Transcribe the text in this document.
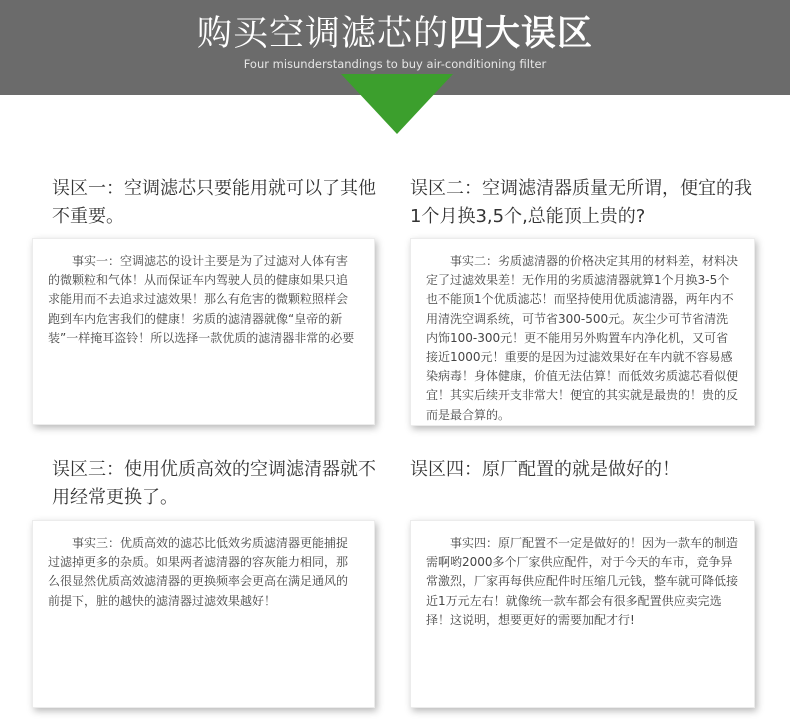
购买空调滤芯的四大误区
Four misunderstandings to buy air-conditioning filter
误区一：空调滤芯只要能用就可以了其他不重要。

事实一：空调滤芯的设计主要是为了过滤对人体有害的微颗粒和气体！从而保证车内驾驶人员的健康如果只追求能用而不去追求过滤效果！那么有危害的微颗粒照样会跑到车内危害我们的健康！劣质的滤清器就像“皇帝的新装”一样掩耳盗铃！所以选择一款优质的滤清器非常的必要

误区二：空调滤清器质量无所谓，便宜的我1个月换3,5个,总能顶上贵的?

事实二：劣质滤清器的价格决定其用的材料差，材料决定了过滤效果差！无作用的劣质滤清器就算1个月换3-5个也不能顶1个优质滤芯！而坚持使用优质滤清器，两年内不用清洗空调系统，可节省300-500元。灰尘少可节省清洗内饰100-300元！更不能用另外购置车内净化机，又可省接近1000元！重要的是因为过滤效果好在车内就不容易感染病毒！身体健康，价值无法估算！而低效劣质滤芯看似便宜！其实后续开支非常大！便宜的其实就是最贵的！贵的反而是最合算的。

误区三：使用优质高效的空调滤清器就不用经常更换了。

事实三：优质高效的滤芯比低效劣质滤清器更能捕捉过滤掉更多的杂质。如果两者滤清器的容灰能力相同，那么很显然优质高效滤清器的更换频率会更高在满足通风的前提下，脏的越快的滤清器过滤效果越好！

误区四：原厂配置的就是做好的！

事实四：原厂配置不一定是做好的！因为一款车的制造需啊哟2000多个厂家供应配件，对于今天的车市，竞争异常激烈，厂家再每供应配件时压缩几元钱，整车就可降低接近1万元左右！就像统一款车都会有很多配置供应卖完选择！这说明，想要更好的需要加配才行!
